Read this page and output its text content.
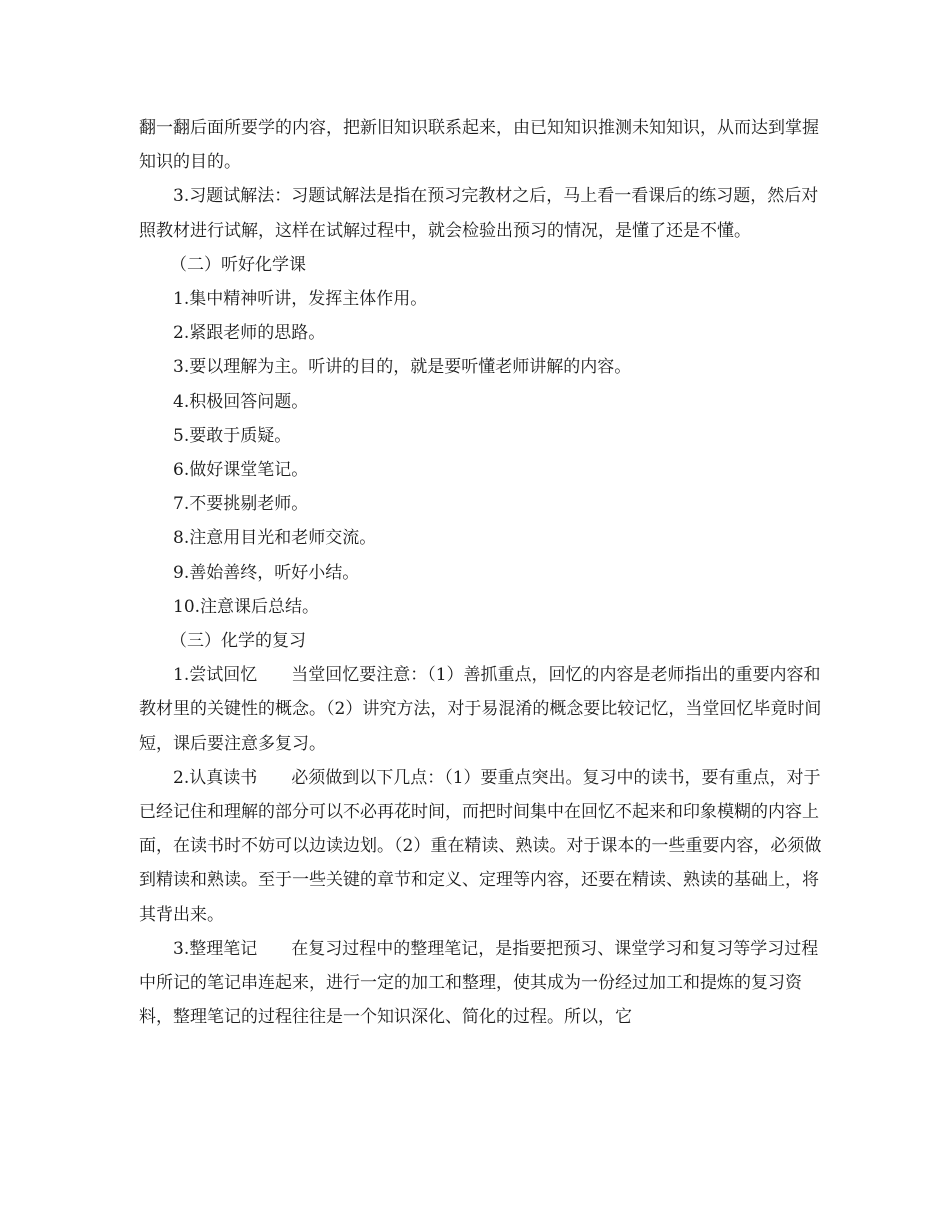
翻一翻后面所要学的内容，把新旧知识联系起来，由已知知识推测未知知识，从而达到掌握知识的目的。

3.习题试解法：习题试解法是指在预习完教材之后，马上看一看课后的练习题，然后对照教材进行试解，这样在试解过程中，就会检验出预习的情况，是懂了还是不懂。

（二）听好化学课

1.集中精神听讲，发挥主体作用。

2.紧跟老师的思路。

3.要以理解为主。听讲的目的，就是要听懂老师讲解的内容。

4.积极回答问题。

5.要敢于质疑。

6.做好课堂笔记。

7.不要挑剔老师。

8.注意用目光和老师交流。

9.善始善终，听好小结。

10.注意课后总结。

（三）化学的复习

1.尝试回忆　　当堂回忆要注意：（1）善抓重点，回忆的内容是老师指出的重要内容和教材里的关键性的概念。（2）讲究方法，对于易混淆的概念要比较记忆，当堂回忆毕竟时间短，课后要注意多复习。

2.认真读书　　必须做到以下几点：（1）要重点突出。复习中的读书，要有重点，对于已经记住和理解的部分可以不必再花时间，而把时间集中在回忆不起来和印象模糊的内容上面，在读书时不妨可以边读边划。（2）重在精读、熟读。对于课本的一些重要内容，必须做到精读和熟读。至于一些关键的章节和定义、定理等内容，还要在精读、熟读的基础上，将其背出来。

3.整理笔记　　在复习过程中的整理笔记，是指要把预习、课堂学习和复习等学习过程中所记的笔记串连起来，进行一定的加工和整理，使其成为一份经过加工和提炼的复习资料，整理笔记的过程往往是一个知识深化、简化的过程。所以，它
